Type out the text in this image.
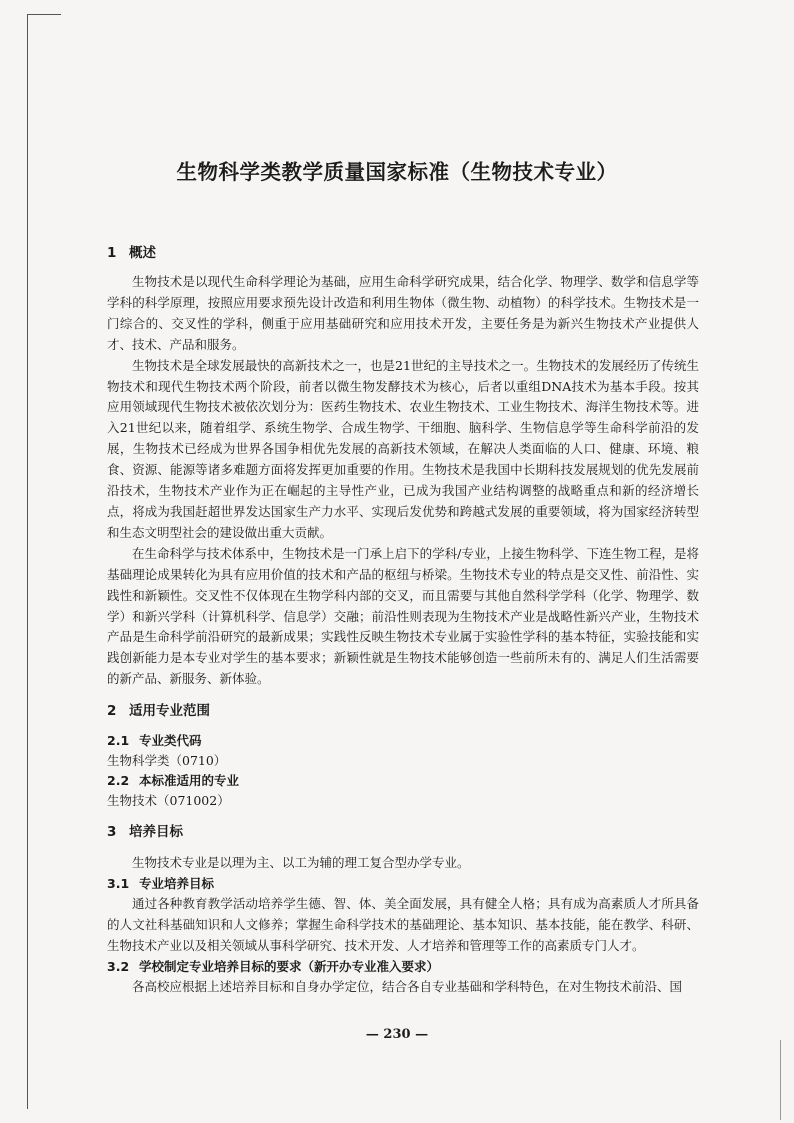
生物科学类教学质量国家标准（生物技术专业）
1 概述

生物技术是以现代生命科学理论为基础，应用生命科学研究成果，结合化学、物理学、数学和信息学等学科的科学原理，按照应用要求预先设计改造和利用生物体（微生物、动植物）的科学技术。生物技术是一门综合的、交叉性的学科，侧重于应用基础研究和应用技术开发，主要任务是为新兴生物技术产业提供人才、技术、产品和服务。

生物技术是全球发展最快的高新技术之一，也是21世纪的主导技术之一。生物技术的发展经历了传统生物技术和现代生物技术两个阶段，前者以微生物发酵技术为核心，后者以重组DNA技术为基本手段。按其应用领域现代生物技术被依次划分为：医药生物技术、农业生物技术、工业生物技术、海洋生物技术等。进入21世纪以来，随着组学、系统生物学、合成生物学、干细胞、脑科学、生物信息学等生命科学前沿的发展，生物技术已经成为世界各国争相优先发展的高新技术领域，在解决人类面临的人口、健康、环境、粮食、资源、能源等诸多难题方面将发挥更加重要的作用。生物技术是我国中长期科技发展规划的优先发展前沿技术，生物技术产业作为正在崛起的主导性产业，已成为我国产业结构调整的战略重点和新的经济增长点，将成为我国赶超世界发达国家生产力水平、实现后发优势和跨越式发展的重要领域，将为国家经济转型和生态文明型社会的建设做出重大贡献。

在生命科学与技术体系中，生物技术是一门承上启下的学科/专业，上接生物科学、下连生物工程，是将基础理论成果转化为具有应用价值的技术和产品的枢纽与桥梁。生物技术专业的特点是交叉性、前沿性、实践性和新颖性。交叉性不仅体现在生物学科内部的交叉，而且需要与其他自然科学学科（化学、物理学、数学）和新兴学科（计算机科学、信息学）交融；前沿性则表现为生物技术产业是战略性新兴产业，生物技术产品是生命科学前沿研究的最新成果；实践性反映生物技术专业属于实验性学科的基本特征，实验技能和实践创新能力是本专业对学生的基本要求；新颖性就是生物技术能够创造一些前所未有的、满足人们生活需要的新产品、新服务、新体验。

2 适用专业范围
2.1 专业类代码

生物科学类（0710）

2.2 本标准适用的专业

生物技术（071002）

3 培养目标

生物技术专业是以理为主、以工为辅的理工复合型办学专业。

3.1 专业培养目标

通过各种教育教学活动培养学生德、智、体、美全面发展，具有健全人格；具有成为高素质人才所具备的人文社科基础知识和人文修养；掌握生命科学技术的基础理论、基本知识、基本技能，能在教学、科研、生物技术产业以及相关领域从事科学研究、技术开发、人才培养和管理等工作的高素质专门人才。

3.2 学校制定专业培养目标的要求（新开办专业准入要求）

各高校应根据上述培养目标和自身办学定位，结合各自专业基础和学科特色，在对生物技术前沿、国

— 230 —
